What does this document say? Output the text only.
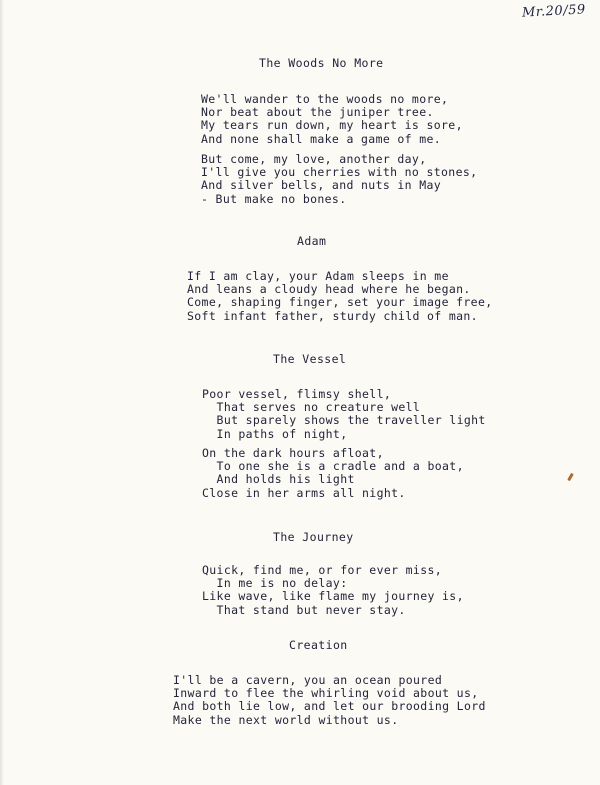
Mr.20/59
The Woods No More
We'll wander to the woods no more,
Nor beat about the juniper tree.
My tears run down, my heart is sore,
And none shall make a game of me.
But come, my love, another day,
I'll give you cherries with no stones,
And silver bells, and nuts in May
- But make no bones.
Adam
If I am clay, your Adam sleeps in me
And leans a cloudy head where he began.
Come, shaping finger, set your image free,
Soft infant father, sturdy child of man.
The Vessel
Poor vessel, flimsy shell,
That serves no creature well
But sparely shows the traveller light
In paths of night,
On the dark hours afloat,
To one she is a cradle and a boat,
And holds his light
Close in her arms all night.
The Journey
Quick, find me, or for ever miss,
In me is no delay:
Like wave, like flame my journey is,
That stand but never stay.
Creation
I'll be a cavern, you an ocean poured
Inward to flee the whirling void about us,
And both lie low, and let our brooding Lord
Make the next world without us.
